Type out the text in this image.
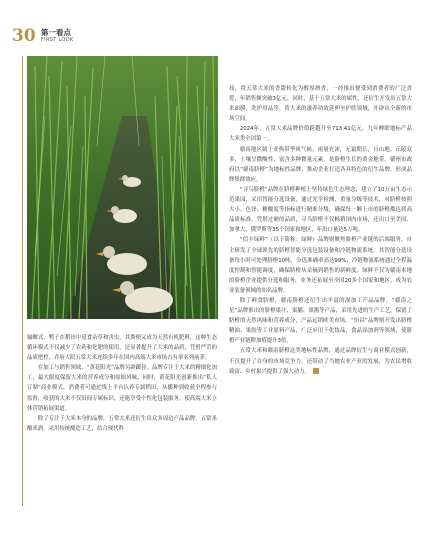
30 第一看点
FIRST LOOK

输螺式，鸭子在稻田中觅食杂草和害虫，其粪便又成为天然有机肥料，这种生态循环模式不仅减少了农药和化肥的使用，还显著提升了大米的品质，凭借严苛的品质把控，乔府大院五常大米连续多年在国内高端大米市场占有率名列前茅。

在加工与销售领域，“黄花阳光”品牌另辟蹊径。品牌专注于大米的精细化加工，最大限度保留大米的营养成分和原始风味。同时，黄花阳光创新推出“私人订制”商业模式，消费者可通过线上平台认养专属稻田，从播种到收获全程参与监督，收获的大米不仅田间专属标识，还能享受个性化包装服务，使高端大米立体营销拓展渠道。

除了专注于大米本身的品牌，五常大米还衍生出众多周边产品品牌。五常米酿米酒，采用传统酿造工艺，结合现代科

技，将五常大米的香甜转化为醇厚酒香，一经推出便受到消费者的广泛喜爱，年销售额突破3亿元。同时，基于五常大米的属性，还衍生开发出五常大米面膜、洗护用品等，将大米的滋养功效延伸至护肤领域，开辟出全新的市场空间。

2024年，五常大米品牌价值跨越升至713.41亿元，九年蝉联地标产品大米类全国第一。

赣南地区属于亚热带季风气候，雨量充沛，无霜期长，且山地、丘陵众多，土壤呈微酸性，富含多种微量元素，是脐橙生长的黄金地带。赣州市政府以“赣南脐橙”为地标性品牌，推动企业打造各具特色的衍生品牌，形成品牌集群效应。

“寻乌脐橙”品牌在脐橙种植上坚持绿色生态理念，建立了10万亩生态示范果园，采用智能分选设备，通过光学检测、重量分级等技术，对脐橙按照大小、色泽、糖酸度等指标进行精准分级，确保每一颗上市的脐橙都达到高品质标准。凭借过硬的品质，寻乌脐橙不仅畅销国内市场，还出口至美国、加拿大、俄罗斯等35个国家和地区，年出口量达5万吨。

“信丰绿鲜”（以下简称：绿鲜）品牌则聚焦脐橙产业链的后端服务，自主研发了全球领先的脐橙智能分选包装设备和冷链物流系统。其智能分选设备每小时可处理脐橙10吨，分选准确率高达99%；冷链物流系统通过全程温度控制和智能调度，确保脐橙从采摘到销售的新鲜度。绿鲜不仅为赣南本地的脐橙企业提供分选和服务，业务还拓展至全国20多个国家和地区，成为农业装备领域的知名品牌。

除了鲜食脐橙，赣南脐橙还衍生出丰富的深加工产品品牌。“赣南之星”品牌推出的脐橙果汁、果脯、果酱等产品，采用先进的生产工艺，保留了脐橙的天然风味和营养成分，产品远销欧美市场。“恒昌”品牌则开发出脐橙精油、果胶等工业原料产品，广泛应用于化妆品、食品添加剂等领域，使脐橙产业链附加值提升3倍。

五常大米和赣南脐橙这类地标性品牌，通过品牌衍生与商业模式创新，不仅提升了自身的市场竞争力，还带动了当地农业产业的发展，为农民增收致富、乡村振兴提供了强大动力。
